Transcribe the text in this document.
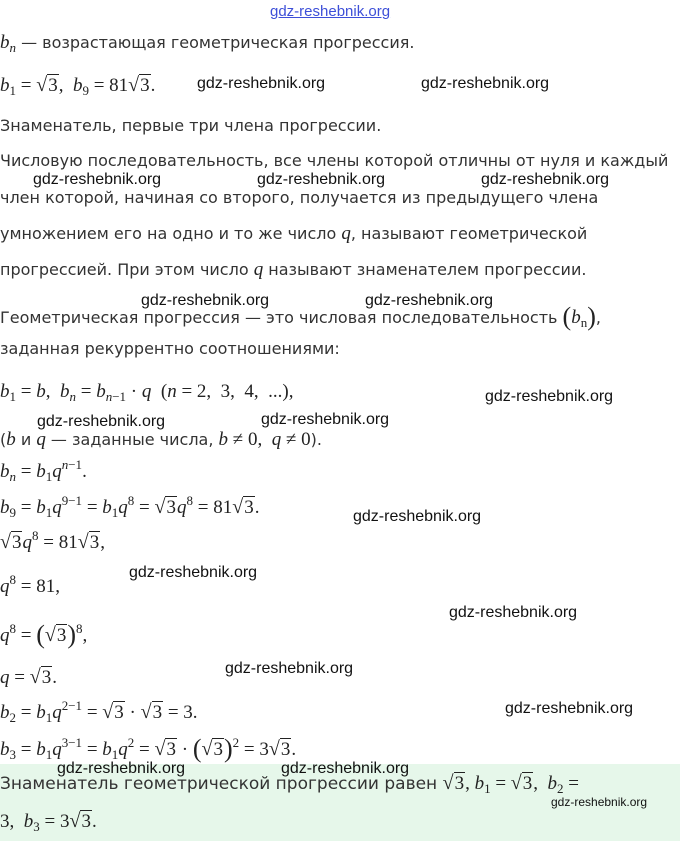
gdz-reshebnik.org
$b_n$ — возрастающая геометрическая прогрессия.
$b_1 = √3$,  $b_9 = 81√3$.
Знаменатель, первые три члена прогрессии.
Числовую последовательность, все члены которой отличны от нуля и каждый
член которой, начиная со второго, получается из предыдущего члена
умножением его на одно и то же число q, называют геометрической
прогрессией. При этом число q называют знаменателем прогрессии.
Геометрическая прогрессия — это числовая последовательность $(b_n)$,
заданная рекуррентно соотношениями:
$b_1 = b$,  $b_n = b_{n-1} \cdot q$  (n = 2,  3,  4,  ...),
(b и q — заданные числа, b ≠ 0,  q ≠ 0).
$b_n = b_1q^{n-1}$.
$b_9 = b_1q^{9-1} = b_1q^8 = √3q^8 = 81√3$.
$√3q^8 = 81√3$,
$q^8 = 81$,
$q^8 = (√3)^8$,
q = √3.
$b_2 = b_1q^{2-1} = √3 \cdot √3 = 3$.
$b_3 = b_1q^{3-1} = b_1q^2 = √3 \cdot (√3)^2 = 3√3$.
Знаменатель геометрической прогрессии равен √3, $b_1 = √3$,  $b_2$ =
3,  $b_3 = 3√3$.
gdz-reshebnik.org	gdz-reshebnik.org
gdz-reshebnik.org	gdz-reshebnik.org	gdz-reshebnik.org
gdz-reshebnik.org	gdz-reshebnik.org
gdz-reshebnik.org
gdz-reshebnik.org	gdz-reshebnik.org
gdz-reshebnik.org
gdz-reshebnik.org
gdz-reshebnik.org
gdz-reshebnik.org
gdz-reshebnik.org
gdz-reshebnik.org	gdz-reshebnik.org
gdz-reshebnik.org
